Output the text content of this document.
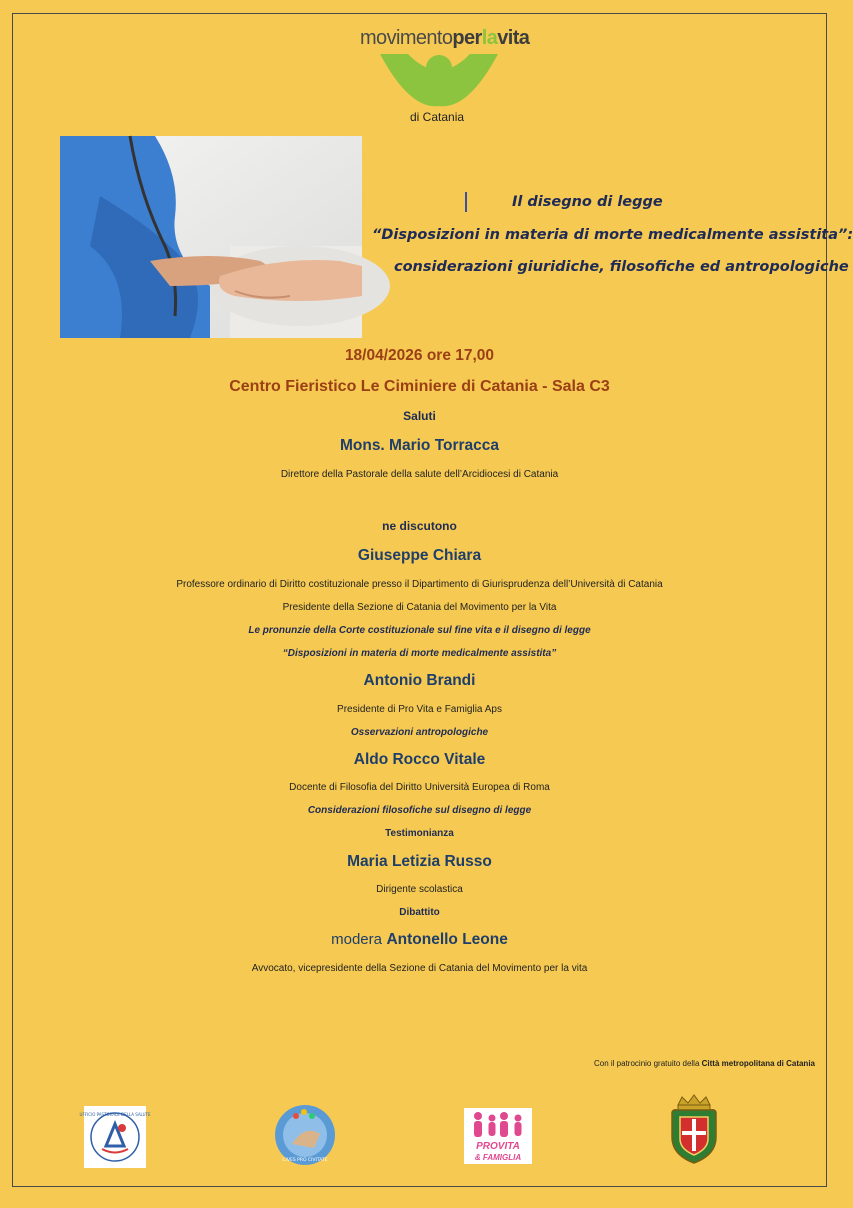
movimentoperlavita
di Catania
Il disegno di legge
“Disposizioni in materia di morte medicalmente assistita”:
considerazioni giuridiche, filosofiche ed antropologiche
18/04/2026 ore 17,00
Centro Fieristico Le Ciminiere di Catania - Sala C3
Saluti
Mons. Mario Torracca
Direttore della Pastorale della salute dell’Arcidiocesi di Catania
ne discutono
Giuseppe Chiara
Professore ordinario di Diritto costituzionale presso il Dipartimento di Giurisprudenza dell’Università di Catania
Presidente della Sezione di Catania del Movimento per la Vita
Le pronunzie della Corte costituzionale sul fine vita e il disegno di legge
“Disposizioni in materia di morte medicalmente assistita”
Antonio Brandi
Presidente di Pro Vita e Famiglia Aps
Osservazioni antropologiche
Aldo Rocco Vitale
Docente di Filosofia del Diritto Università Europea di Roma
Considerazioni filosofiche sul disegno di legge
Testimonianza
Maria Letizia Russo
Dirigente scolastica
Dibattito
modera Antonello Leone
Avvocato, vicepresidente della Sezione di Catania del Movimento per la vita
Con il patrocinio gratuito della Città metropolitana di Catania
UFFICIO PASTORALE DELLA SALUTE
CIVES PRO CIVITATE
PROVITA
& FAMIGLIA
